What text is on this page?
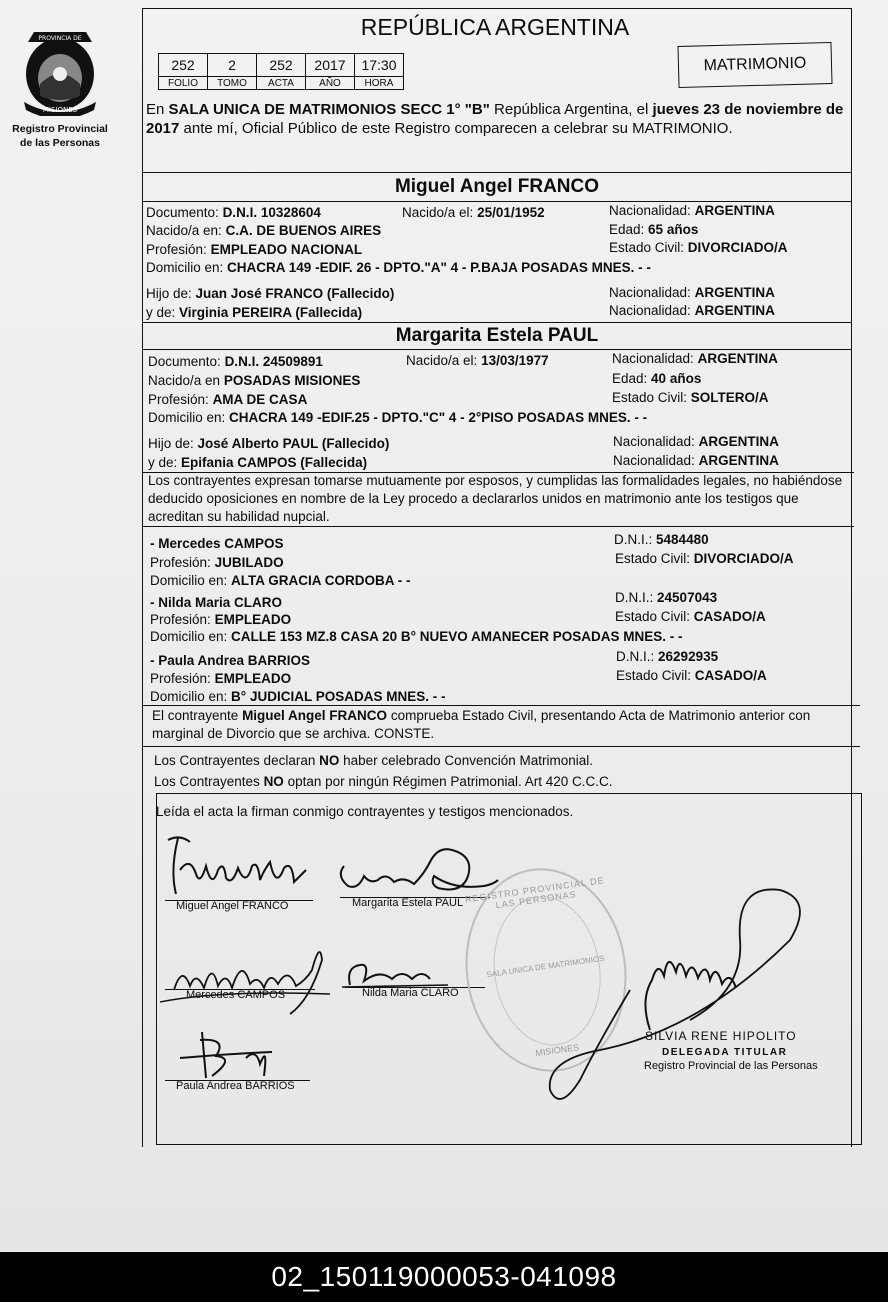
PROVINCIA DE
MISIONES
Registro Provincial
de las Personas
REPÚBLICA ARGENTINA
252	2	252	2017	17:30
FOLIO	TOMO	ACTA	AÑO	HORA
MATRIMONIO
En SALA UNICA DE MATRIMONIOS SECC 1° "B" República Argentina, el jueves 23 de noviembre de 2017 ante mí, Oficial Público de este Registro comparecen a celebrar su MATRIMONIO.
Miguel Angel FRANCO
Documento: D.N.I. 10328604	Nacido/a el: 25/01/1952	Nacionalidad: ARGENTINA
Nacido/a en: C.A. DE BUENOS AIRES	Edad: 65 años
Profesión: EMPLEADO NACIONAL	Estado Civil: DIVORCIADO/A
Domicilio en: CHACRA 149 -EDIF. 26 - DPTO."A" 4 - P.BAJA POSADAS MNES. - -
Hijo de: Juan José FRANCO (Fallecido)	Nacionalidad: ARGENTINA
y de: Virginia PEREIRA (Fallecida)	Nacionalidad: ARGENTINA
Margarita Estela PAUL
Documento: D.N.I. 24509891	Nacido/a el: 13/03/1977	Nacionalidad: ARGENTINA
Nacido/a en POSADAS MISIONES	Edad: 40 años
Profesión: AMA DE CASA	Estado Civil: SOLTERO/A
Domicilio en: CHACRA 149 -EDIF.25 - DPTO."C" 4 - 2°PISO POSADAS MNES. - -
Hijo de: José Alberto PAUL (Fallecido)	Nacionalidad: ARGENTINA
y de: Epifania CAMPOS (Fallecida)	Nacionalidad: ARGENTINA
Los contrayentes expresan tomarse mutuamente por esposos, y cumplidas las formalidades legales, no habiéndose deducido oposiciones en nombre de la Ley procedo a declararlos unidos en matrimonio ante los testigos que acreditan su habilidad nupcial.
- Mercedes CAMPOS	D.N.I.: 5484480
Profesión: JUBILADO	Estado Civil: DIVORCIADO/A
Domicilio en: ALTA GRACIA CORDOBA - -
- Nilda Maria CLARO	D.N.I.: 24507043
Profesión: EMPLEADO	Estado Civil: CASADO/A
Domicilio en: CALLE 153 MZ.8 CASA 20 B° NUEVO AMANECER POSADAS MNES. - -
- Paula Andrea BARRIOS	D.N.I.: 26292935
Profesión: EMPLEADO	Estado Civil: CASADO/A
Domicilio en: B° JUDICIAL POSADAS MNES. - -
El contrayente Miguel Angel FRANCO comprueba Estado Civil, presentando Acta de Matrimonio anterior con marginal de Divorcio que se archiva. CONSTE.
Los Contrayentes declaran NO haber celebrado Convención Matrimonial.
Los Contrayentes NO optan por ningún Régimen Patrimonial. Art 420 C.C.C.
Leída el acta la firman conmigo contrayentes y testigos mencionados.
Miguel Angel FRANCO	Margarita Estela PAUL
Mercedes CAMPOS	Nilda Maria CLARO
Paula Andrea BARRIOS
REGISTRO PROVINCIAL DE LAS PERSONAS
SALA UNICA DE MATRIMONIOS
MISIONES
SILVIA RENE HIPOLITO
DELEGADA TITULAR
Registro Provincial de las Personas
02_150119000053-041098
